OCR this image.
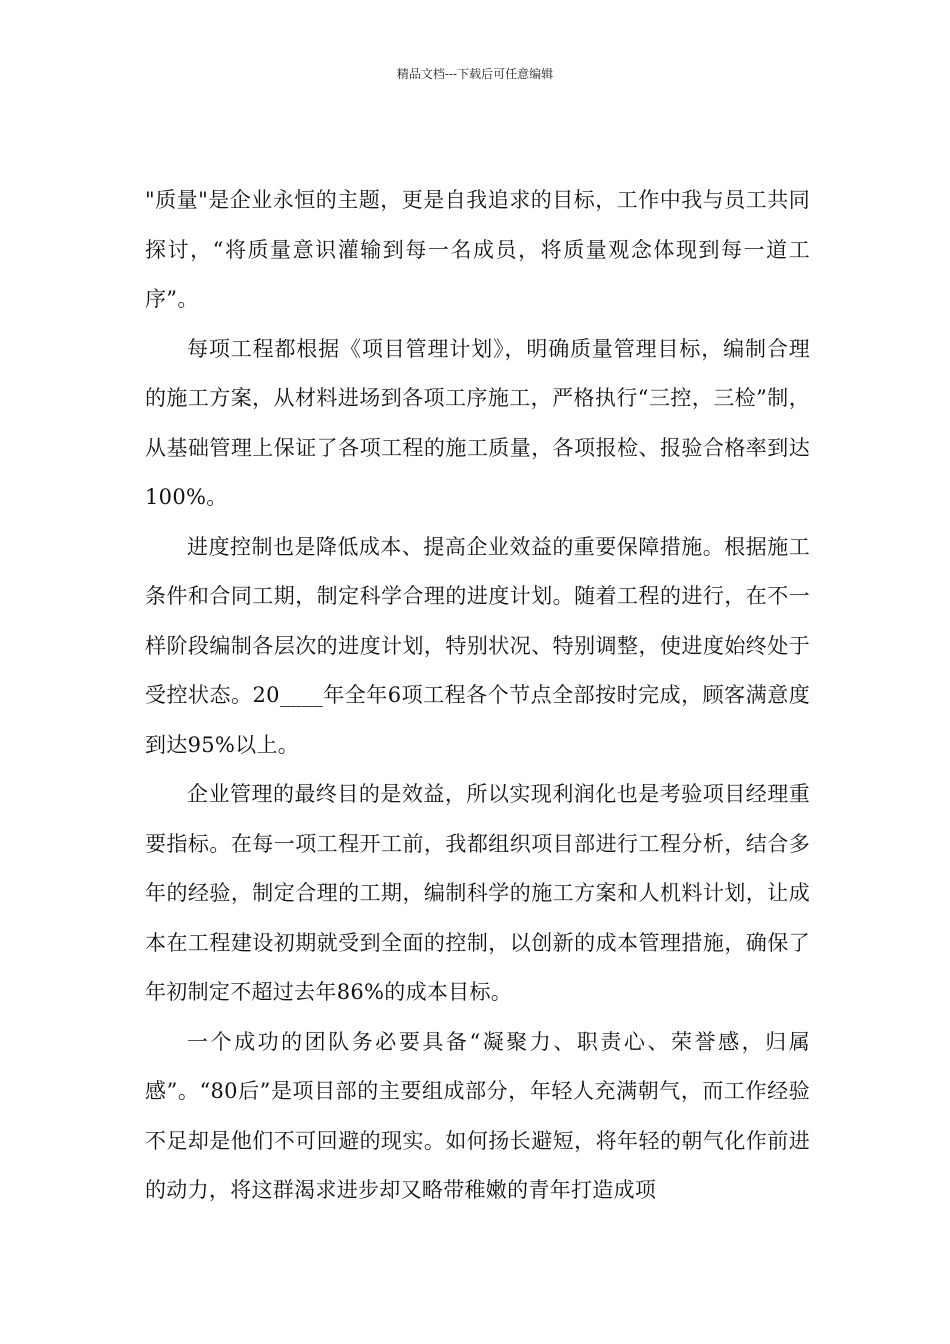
精品文档---下载后可任意编辑

"质量"是企业永恒的主题，更是自我追求的目标，工作中我与员工共同探讨，“将质量意识灌输到每一名成员，将质量观念体现到每一道工序”。

每项工程都根据《项目管理计划》，明确质量管理目标，编制合理的施工方案，从材料进场到各项工序施工，严格执行“三控，三检”制，从基础管理上保证了各项工程的施工质量，各项报检、报验合格率到达100%。

进度控制也是降低成本、提高企业效益的重要保障措施。根据施工条件和合同工期，制定科学合理的进度计划。随着工程的进行，在不一样阶段编制各层次的进度计划，特别状况、特别调整，使进度始终处于受控状态。20____年全年6项工程各个节点全部按时完成，顾客满意度到达95%以上。

企业管理的最终目的是效益，所以实现利润化也是考验项目经理重要指标。在每一项工程开工前，我都组织项目部进行工程分析，结合多年的经验，制定合理的工期，编制科学的施工方案和人机料计划，让成本在工程建设初期就受到全面的控制，以创新的成本管理措施，确保了年初制定不超过去年86%的成本目标。

一个成功的团队务必要具备“凝聚力、职责心、荣誉感，归属感”。“80后”是项目部的主要组成部分，年轻人充满朝气，而工作经验不足却是他们不可回避的现实。如何扬长避短，将年轻的朝气化作前进的动力，将这群渴求进步却又略带稚嫩的青年打造成项
